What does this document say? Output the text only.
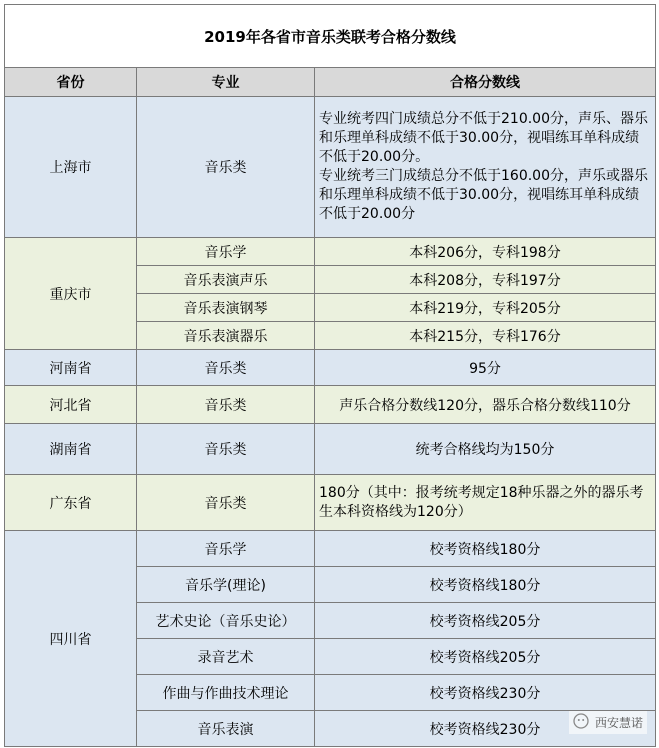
2019年各省市音乐类联考合格分数线
省份	专业	合格分数线
上海市	音乐类	专业统考四门成绩总分不低于210.00分，声乐、器乐和乐理单科成绩不低于30.00分，视唱练耳单科成绩不低于20.00分。
专业统考三门成绩总分不低于160.00分，声乐或器乐和乐理单科成绩不低于30.00分，视唱练耳单科成绩不低于20.00分

重庆市	音乐学	本科206分，专科198分
	音乐表演声乐	本科208分，专科197分
	音乐表演钢琴	本科219分，专科205分
	音乐表演器乐	本科215分，专科176分
河南省	音乐类	95分
河北省	音乐类	声乐合格分数线120分，器乐合格分数线110分
湖南省	音乐类	统考合格线均为150分
广东省	音乐类	180分（其中：报考统考规定18种乐器之外的器乐考生本科资格线为120分）
四川省	音乐学	校考资格线180分
	音乐学(理论)	校考资格线180分
	艺术史论（音乐史论）	校考资格线205分
	录音艺术	校考资格线205分
	作曲与作曲技术理论	校考资格线230分
	音乐表演	校考资格线230分	西安慧诺
